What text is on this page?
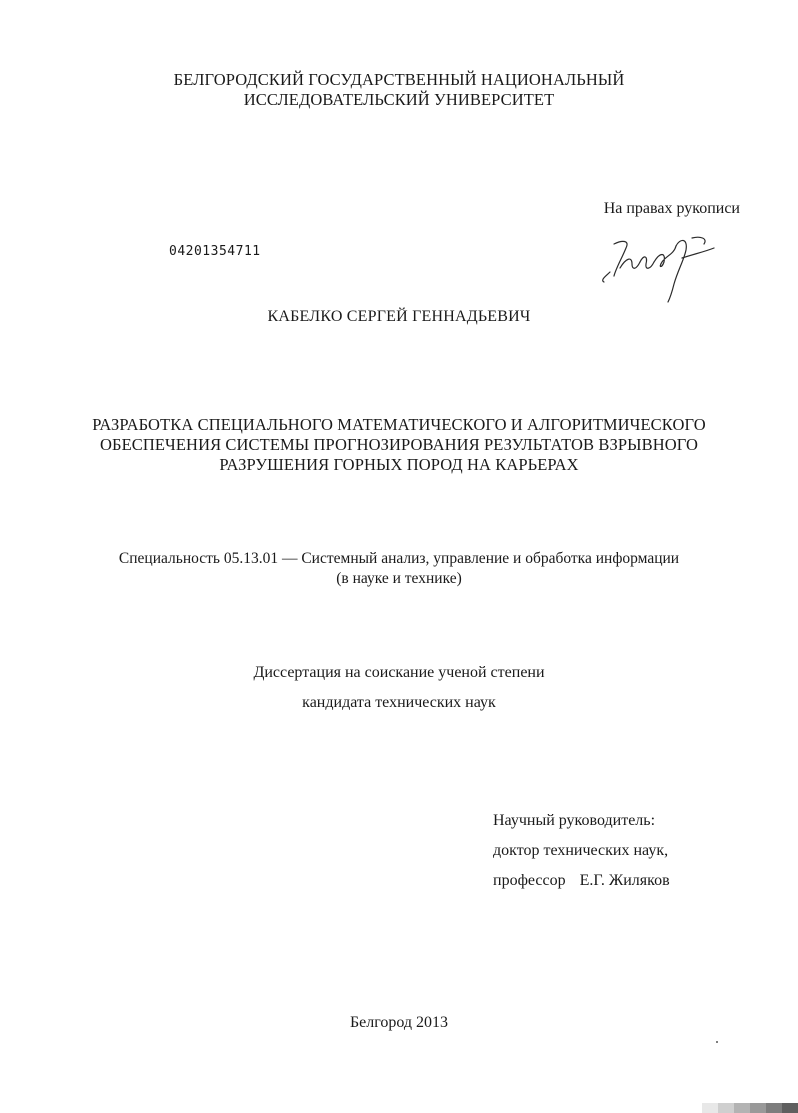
БЕЛГОРОДСКИЙ ГОСУДАРСТВЕННЫЙ НАЦИОНАЛЬНЫЙ
ИССЛЕДОВАТЕЛЬСКИЙ УНИВЕРСИТЕТ
На правах рукописи
04201354711
КАБЕЛКО СЕРГЕЙ ГЕННАДЬЕВИЧ
РАЗРАБОТКА СПЕЦИАЛЬНОГО МАТЕМАТИЧЕСКОГО И АЛГОРИТМИЧЕСКОГО
ОБЕСПЕЧЕНИЯ СИСТЕМЫ ПРОГНОЗИРОВАНИЯ РЕЗУЛЬТАТОВ ВЗРЫВНОГО
РАЗРУШЕНИЯ ГОРНЫХ ПОРОД НА КАРЬЕРАХ
Специальность 05.13.01 — Системный анализ, управление и обработка информации
(в науке и технике)
Диссертация на соискание ученой степени
кандидата технических наук
Научный руководитель:
доктор технических наук,
профессор Е.Г. Жиляков
Белгород 2013
